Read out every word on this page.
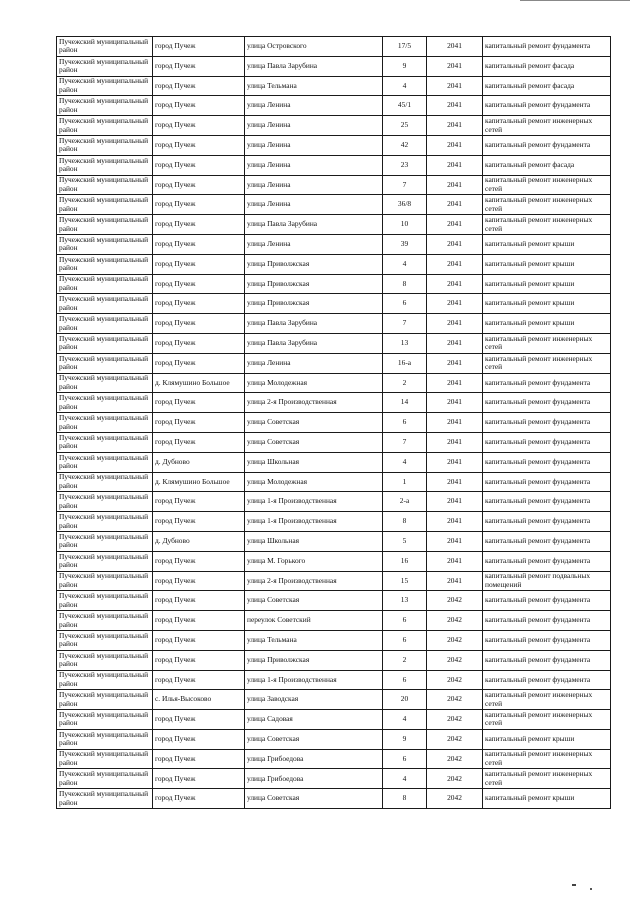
Пучежский муниципальный район	город Пучеж	улица Островского	17/5	2041	капитальный ремонт фундамента
Пучежский муниципальный район	город Пучеж	улица Павла Зарубина	9	2041	капитальный ремонт фасада
Пучежский муниципальный район	город Пучеж	улица Тельмана	4	2041	капитальный ремонт фасада
Пучежский муниципальный район	город Пучеж	улица Ленина	45/1	2041	капитальный ремонт фундамента
Пучежский муниципальный район	город Пучеж	улица Ленина	25	2041	капитальный ремонт инженерных сетей
Пучежский муниципальный район	город Пучеж	улица Ленина	42	2041	капитальный ремонт фундамента
Пучежский муниципальный район	город Пучеж	улица Ленина	23	2041	капитальный ремонт фасада
Пучежский муниципальный район	город Пучеж	улица Ленина	7	2041	капитальный ремонт инженерных сетей
Пучежский муниципальный район	город Пучеж	улица Ленина	36/8	2041	капитальный ремонт инженерных сетей
Пучежский муниципальный район	город Пучеж	улица Павла Зарубина	10	2041	капитальный ремонт инженерных сетей
Пучежский муниципальный район	город Пучеж	улица Ленина	39	2041	капитальный ремонт крыши
Пучежский муниципальный район	город Пучеж	улица Приволжская	4	2041	капитальный ремонт крыши
Пучежский муниципальный район	город Пучеж	улица Приволжская	8	2041	капитальный ремонт крыши
Пучежский муниципальный район	город Пучеж	улица Приволжская	6	2041	капитальный ремонт крыши
Пучежский муниципальный район	город Пучеж	улица Павла Зарубина	7	2041	капитальный ремонт крыши
Пучежский муниципальный район	город Пучеж	улица Павла Зарубина	13	2041	капитальный ремонт инженерных сетей
Пучежский муниципальный район	город Пучеж	улица Ленина	16-а	2041	капитальный ремонт инженерных сетей
Пучежский муниципальный район	д. Клямушино Большое	улица Молодежная	2	2041	капитальный ремонт фундамента
Пучежский муниципальный район	город Пучеж	улица 2-я Производственная	14	2041	капитальный ремонт фундамента
Пучежский муниципальный район	город Пучеж	улица Советская	6	2041	капитальный ремонт фундамента
Пучежский муниципальный район	город Пучеж	улица Советская	7	2041	капитальный ремонт фундамента
Пучежский муниципальный район	д. Дубново	улица Школьная	4	2041	капитальный ремонт фундамента
Пучежский муниципальный район	д. Клямушино Большое	улица Молодежная	1	2041	капитальный ремонт фундамента
Пучежский муниципальный район	город Пучеж	улица 1-я Производственная	2-а	2041	капитальный ремонт фундамента
Пучежский муниципальный район	город Пучеж	улица 1-я Производственная	8	2041	капитальный ремонт фундамента
Пучежский муниципальный район	д. Дубново	улица Школьная	5	2041	капитальный ремонт фундамента
Пучежский муниципальный район	город Пучеж	улица М. Горького	16	2041	капитальный ремонт фундамента
Пучежский муниципальный район	город Пучеж	улица 2-я Производственная	15	2041	капитальный ремонт подвальных помещений
Пучежский муниципальный район	город Пучеж	улица Советская	13	2042	капитальный ремонт фундамента
Пучежский муниципальный район	город Пучеж	переулок Советский	6	2042	капитальный ремонт фундамента
Пучежский муниципальный район	город Пучеж	улица Тельмана	6	2042	капитальный ремонт фундамента
Пучежский муниципальный район	город Пучеж	улица Приволжская	2	2042	капитальный ремонт фундамента
Пучежский муниципальный район	город Пучеж	улица 1-я Производственная	6	2042	капитальный ремонт фундамента
Пучежский муниципальный район	с. Илья-Высоково	улица Заводская	20	2042	капитальный ремонт инженерных сетей
Пучежский муниципальный район	город Пучеж	улица Садовая	4	2042	капитальный ремонт инженерных сетей
Пучежский муниципальный район	город Пучеж	улица Советская	9	2042	капитальный ремонт крыши
Пучежский муниципальный район	город Пучеж	улица Грибоедова	6	2042	капитальный ремонт инженерных сетей
Пучежский муниципальный район	город Пучеж	улица Грибоедова	4	2042	капитальный ремонт инженерных сетей
Пучежский муниципальный район	город Пучеж	улица Советская	8	2042	капитальный ремонт крыши
